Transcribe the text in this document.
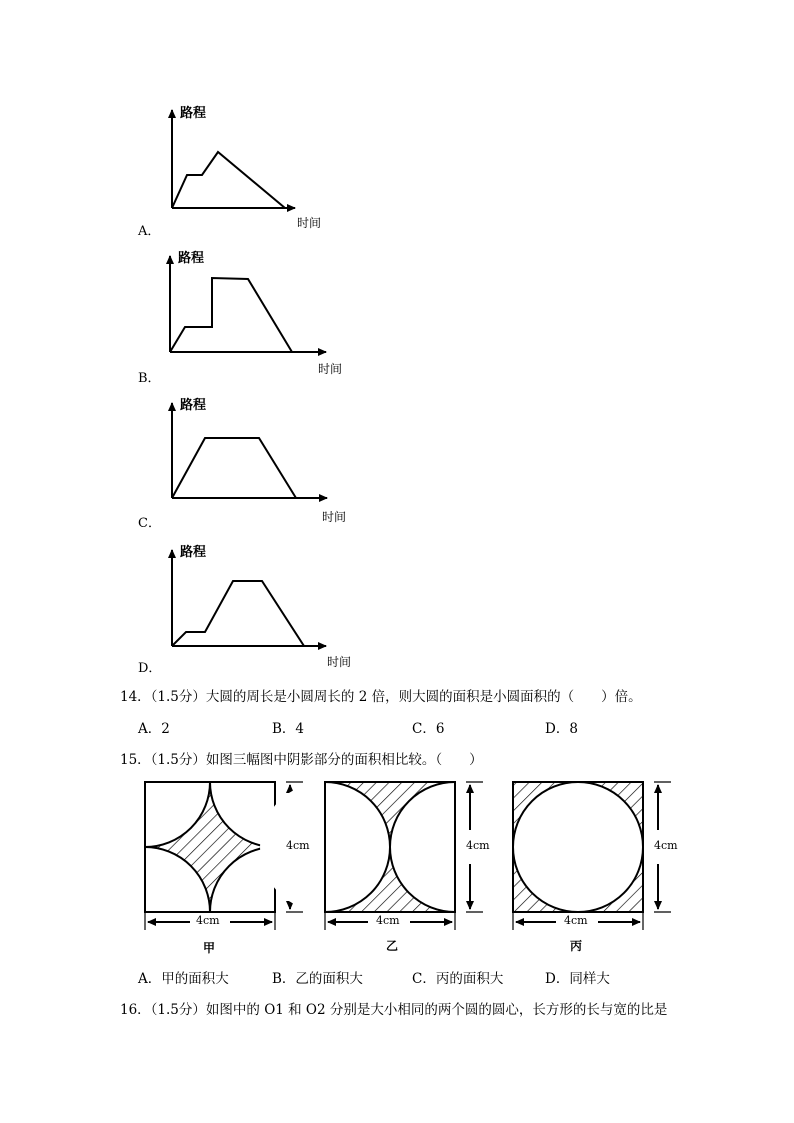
路程
时间
A．
路程
时间
B．
路程
时间
C．
路程
时间
D．
14．（1.5分）大圆的周长是小圆周长的 2 倍，则大圆的面积是小圆面积的（　　）倍。
A．2	B．4	C．6	D．8
15．（1.5分）如图三幅图中阴影部分的面积相比较。（　　）
4cm
4cm
甲
4cm
4cm
乙
4cm
4cm
丙
A．甲的面积大	B．乙的面积大	C．丙的面积大	D．同样大
16．（1.5分）如图中的 O1 和 O2 分别是大小相同的两个圆的圆心，长方形的长与宽的比是
